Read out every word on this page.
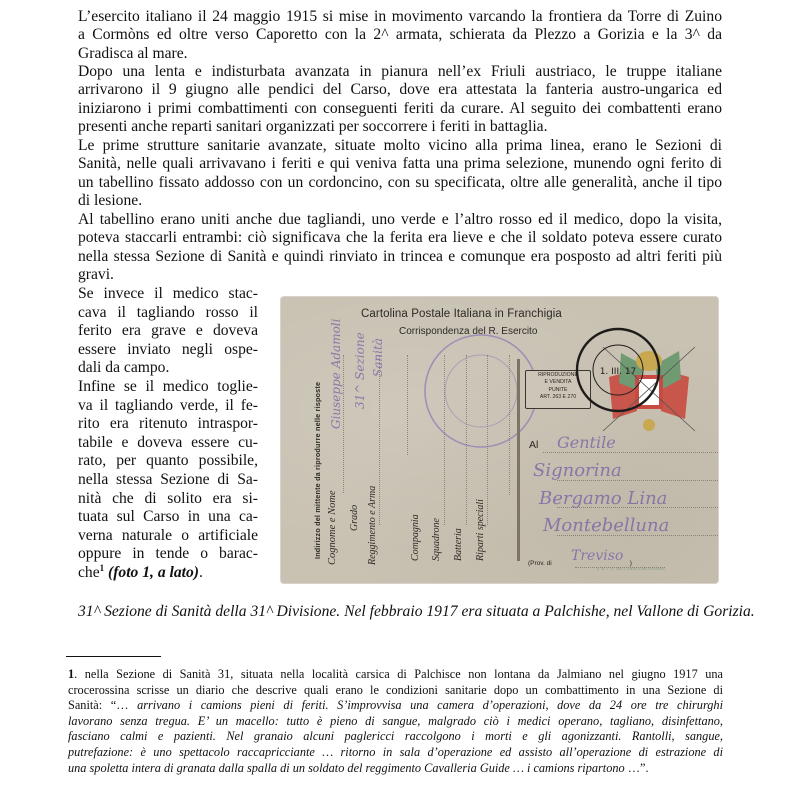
L’esercito italiano il 24 maggio 1915 si mise in movimento varcando la frontiera da Torre di Zuino
a Cormòns ed oltre verso Caporetto con la 2^ armata, schierata da Plezzo a Gorizia e la 3^ da
Gradisca al mare.

Dopo una lenta e indisturbata avanzata in pianura nell’ex Friuli austriaco, le truppe italiane
arrivarono il 9 giugno alle pendici del Carso, dove era attestata la fanteria austro-ungarica ed
iniziarono i primi combattimenti con conseguenti feriti da curare. Al seguito dei combattenti erano
presenti anche reparti sanitari organizzati per soccorrere i feriti in battaglia.

Le prime strutture sanitarie avanzate, situate molto vicino alla prima linea, erano le Sezioni di
Sanità, nelle quali arrivavano i feriti e qui veniva fatta una prima selezione, munendo ogni ferito di
un tabellino fissato addosso con un cordoncino, con su specificata, oltre alle generalità, anche il tipo
di lesione.

Al tabellino erano uniti anche due tagliandi, uno verde e l’altro rosso ed il medico, dopo la visita,
poteva staccarli entrambi: ciò significava che la ferita era lieve e che il soldato poteva essere curato
nella stessa Sezione di Sanità e quindi rinviato in trincea e comunque era posposto ad altri feriti più
gravi.

Se invece il medico stac-
cava il tagliando rosso il
ferito era grave e doveva
essere inviato negli ospe-
dali da campo.

Infine se il medico toglie-
va il tagliando verde, il fe-
rito era ritenuto intraspor-
tabile e doveva essere cu-
rato, per quanto possibile,
nella stessa Sezione di Sa-
nità che di solito era si-
tuata sul Carso in una ca-
verna naturale o artificiale
oppure in tende o barac-
che$^1$ (foto 1, a lato).

Cartolina Postale Italiana in Franchigia
Corrispondenza del R. Esercito
Indirizzo del mittente da riprodurre nelle risposte Cognome e Nome Grado Reggimento e Arma	Compagnia Squadrone Batteria Riparti speciali
RIPRODUZIONE
E VENDITA
PUNITE
ART. 263 E 270
1. III. 17
Al
(Prov. di	)
S. A. I. G. ARTI GRAFICHE GENOVA
Gentile
Signorina
Bergamo Lina
Montebelluna
Treviso
Giuseppe Adamoli 31^ Sezione Sanità
31^ Sezione di Sanità della 31^ Divisione. Nel febbraio 1917 era situata a Palchishe, nel Vallone di Gorizia.
1. nella Sezione di Sanità 31, situata nella località carsica di Palchisce non lontana da Jalmiano nel giugno 1917 una
crocerossina scrisse un diario che descrive quali erano le condizioni sanitarie dopo un combattimento in una Sezione di
Sanità: “… arrivano i camions pieni di feriti. S’improvvisa una camera d’operazioni, dove da 24 ore tre chirurghi
lavorano senza tregua. E’ un macello: tutto è pieno di sangue, malgrado ciò i medici operano, tagliano, disinfettano,
fasciano calmi e pazienti. Nel granaio alcuni paglericci raccolgono i morti e gli agonizzanti. Rantolli, sangue,
putrefazione: è uno spettacolo raccapricciante … ritorno in sala d’operazione ed assisto all’operazione di estrazione di
una spoletta intera di granata dalla spalla di un soldato del reggimento Cavalleria Guide … i camions ripartono …”.
